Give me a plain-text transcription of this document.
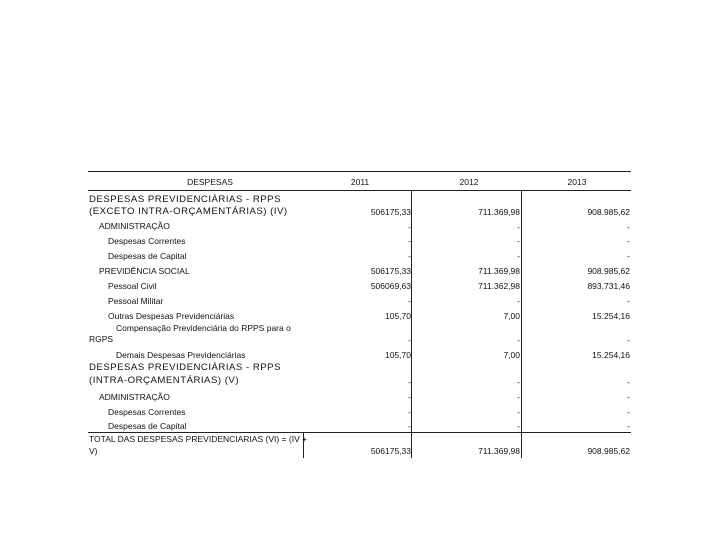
DESPESAS	2011	2012	2013
DESPESAS PREVIDENCIÁRIAS - RPPS
(EXCETO INTRA-ORÇAMENTÁRIAS) (IV)	506175,33	711.369,98	908.985,62
ADMINISTRAÇÃO	-	-	-
Despesas Correntes	-	-	-
Despesas de Capital	-	-	-
PREVIDÊNCIA SOCIAL	506175,33	711.369,98	908.985,62
Pessoal Civil	506069,63	711.362,98	893.731,46
Pessoal Militar	-	-	-
Outras Despesas Previdenciárias	105,70	7,00	15.254,16
Compensação Previdenciária do RPPS para o
RGPS	-	-	-
Demais Despesas Previdenciárias	105,70	7,00	15.254,16
DESPESAS PREVIDENCIÁRIAS - RPPS
(INTRA-ORÇAMENTÁRIAS) (V)	-	-	-
ADMINISTRAÇÃO	-	-	-
Despesas Correntes	-	-	-
Despesas de Capital	-	-	-
TOTAL DAS DESPESAS PREVIDENCIARIAS (VI) = (IV +
V)	506175,33	711.369,98	908.985,62
